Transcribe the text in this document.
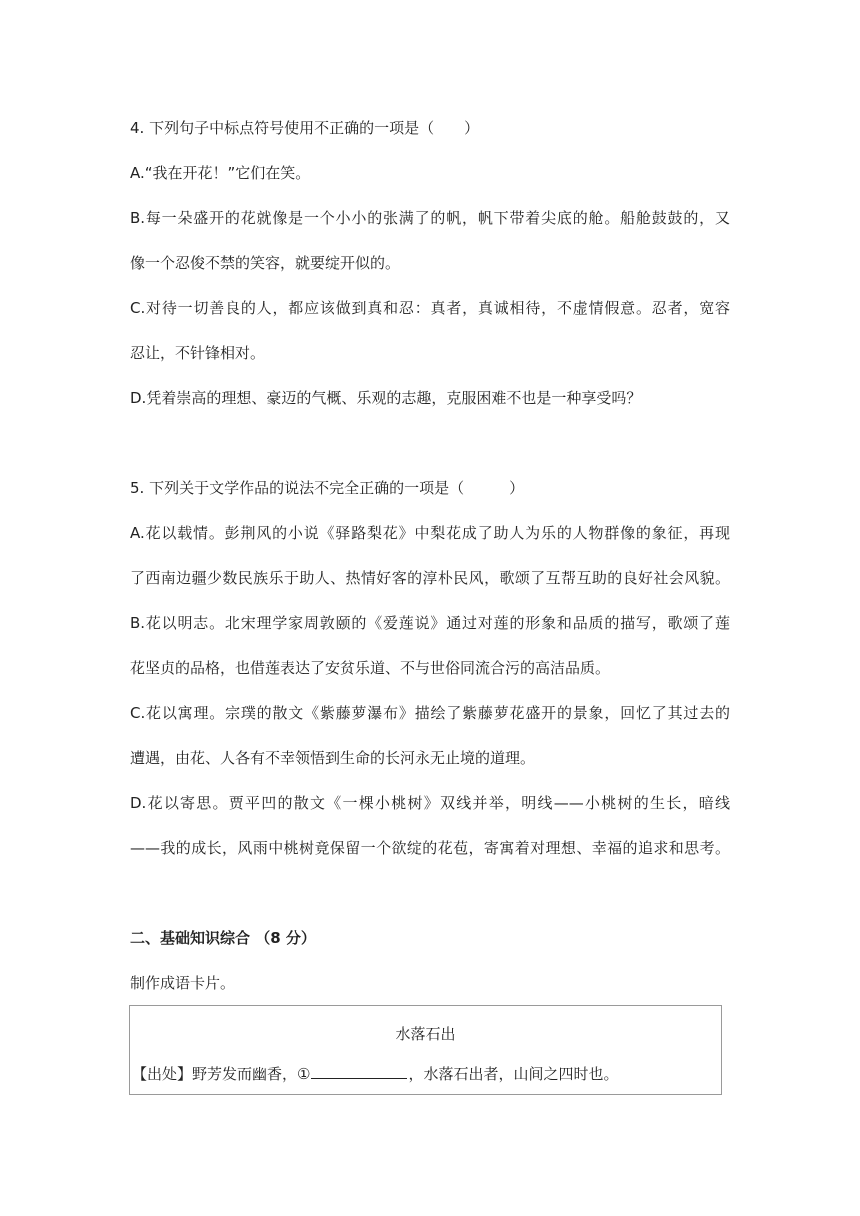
4. 下列句子中标点符号使用不正确的一项是（　　）
A.“我在开花！”它们在笑。
B.每一朵盛开的花就像是一个小小的张满了的帆，帆下带着尖底的舱。船舱鼓鼓的，又
像一个忍俊不禁的笑容，就要绽开似的。
C.对待一切善良的人，都应该做到真和忍：真者，真诚相待，不虚情假意。忍者，宽容
忍让，不针锋相对。
D.凭着崇高的理想、豪迈的气概、乐观的志趣，克服困难不也是一种享受吗？
5. 下列关于文学作品的说法不完全正确的一项是（　　　）
A.花以载情。彭荆风的小说《驿路梨花》中梨花成了助人为乐的人物群像的象征，再现
了西南边疆少数民族乐于助人、热情好客的淳朴民风，歌颂了互帮互助的良好社会风貌。
B.花以明志。北宋理学家周敦颐的《爱莲说》通过对莲的形象和品质的描写，歌颂了莲
花坚贞的品格，也借莲表达了安贫乐道、不与世俗同流合污的高洁品质。
C.花以寓理。宗璞的散文《紫藤萝瀑布》描绘了紫藤萝花盛开的景象，回忆了其过去的
遭遇，由花、人各有不幸领悟到生命的长河永无止境的道理。
D.花以寄思。贾平凹的散文《一棵小桃树》双线并举，明线——小桃树的生长，暗线
——我的成长，风雨中桃树竟保留一个欲绽的花苞，寄寓着对理想、幸福的追求和思考。
二、基础知识综合 （8 分）
制作成语卡片。
水落石出
【出处】野芳发而幽香，①	，水落石出者，山间之四时也。
